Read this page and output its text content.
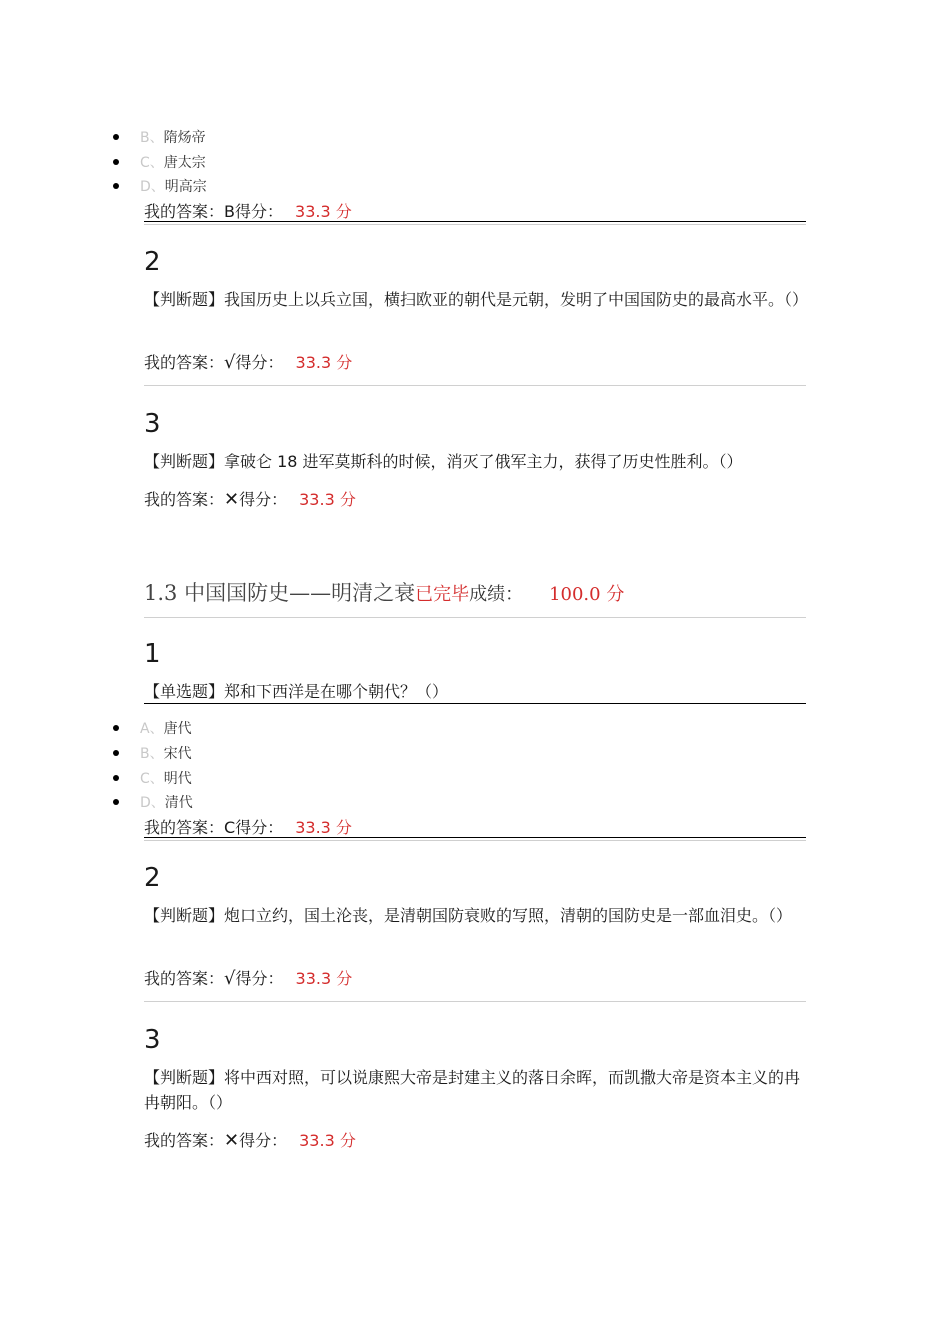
B、隋炀帝
C、唐太宗
D、明高宗
我的答案：B得分： 33.3 分
2
【判断题】我国历史上以兵立国，横扫欧亚的朝代是元朝，发明了中国国防史的最高水平。（）
我的答案：√得分： 33.3 分
3
【判断题】拿破仑 18 进军莫斯科的时候，消灭了俄军主力，获得了历史性胜利。（）
我的答案：✕得分： 33.3 分
1.3 中国国防史——明清之衰已完毕成绩： 100.0 分
1
【单选题】郑和下西洋是在哪个朝代？（）
A、唐代
B、宋代
C、明代
D、清代
我的答案：C得分： 33.3 分
2
【判断题】炮口立约，国土沦丧，是清朝国防衰败的写照，清朝的国防史是一部血泪史。（）
我的答案：√得分： 33.3 分
3
【判断题】将中西对照，可以说康熙大帝是封建主义的落日余晖，而凯撒大帝是资本主义的冉冉朝阳。（）
我的答案：✕得分： 33.3 分
